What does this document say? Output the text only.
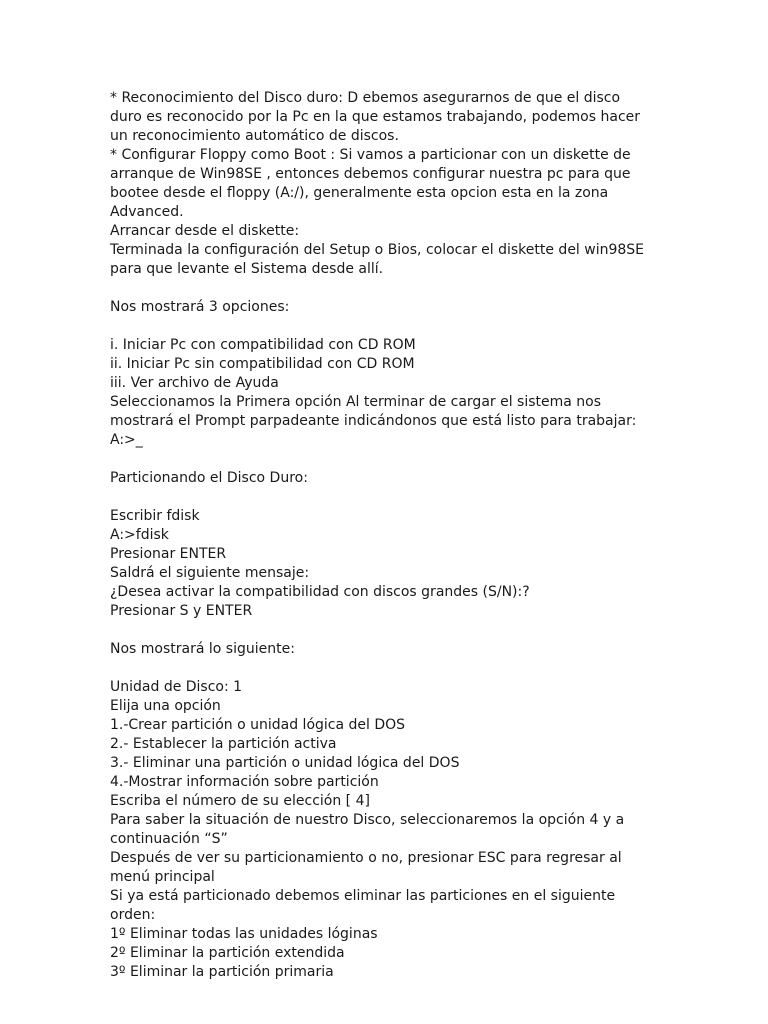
* Reconocimiento del Disco duro: D ebemos asegurarnos de que el disco
duro es reconocido por la Pc en la que estamos trabajando, podemos hacer
un reconocimiento automático de discos.
* Configurar Floppy como Boot : Si vamos a particionar con un diskette de
arranque de Win98SE , entonces debemos configurar nuestra pc para que
bootee desde el floppy (A:/), generalmente esta opcion esta en la zona
Advanced.
Arrancar desde el diskette:
Terminada la configuración del Setup o Bios, colocar el diskette del win98SE
para que levante el Sistema desde allí.
Nos mostrará 3 opciones:
i. Iniciar Pc con compatibilidad con CD ROM
ii. Iniciar Pc sin compatibilidad con CD ROM
iii. Ver archivo de Ayuda
Seleccionamos la Primera opción Al terminar de cargar el sistema nos
mostrará el Prompt parpadeante indicándonos que está listo para trabajar:
A:>_
Particionando el Disco Duro:
Escribir fdisk
A:>fdisk
Presionar ENTER
Saldrá el siguiente mensaje:
¿Desea activar la compatibilidad con discos grandes (S/N):?
Presionar S y ENTER
Nos mostrará lo siguiente:
Unidad de Disco: 1
Elija una opción
1.-Crear partición o unidad lógica del DOS
2.- Establecer la partición activa
3.- Eliminar una partición o unidad lógica del DOS
4.-Mostrar información sobre partición
Escriba el número de su elección [ 4]
Para saber la situación de nuestro Disco, seleccionaremos la opción 4 y a
continuación “S”
Después de ver su particionamiento o no, presionar ESC para regresar al
menú principal
Si ya está particionado debemos eliminar las particiones en el siguiente
orden:
1º Eliminar todas las unidades lóginas
2º Eliminar la partición extendida
3º Eliminar la partición primaria
